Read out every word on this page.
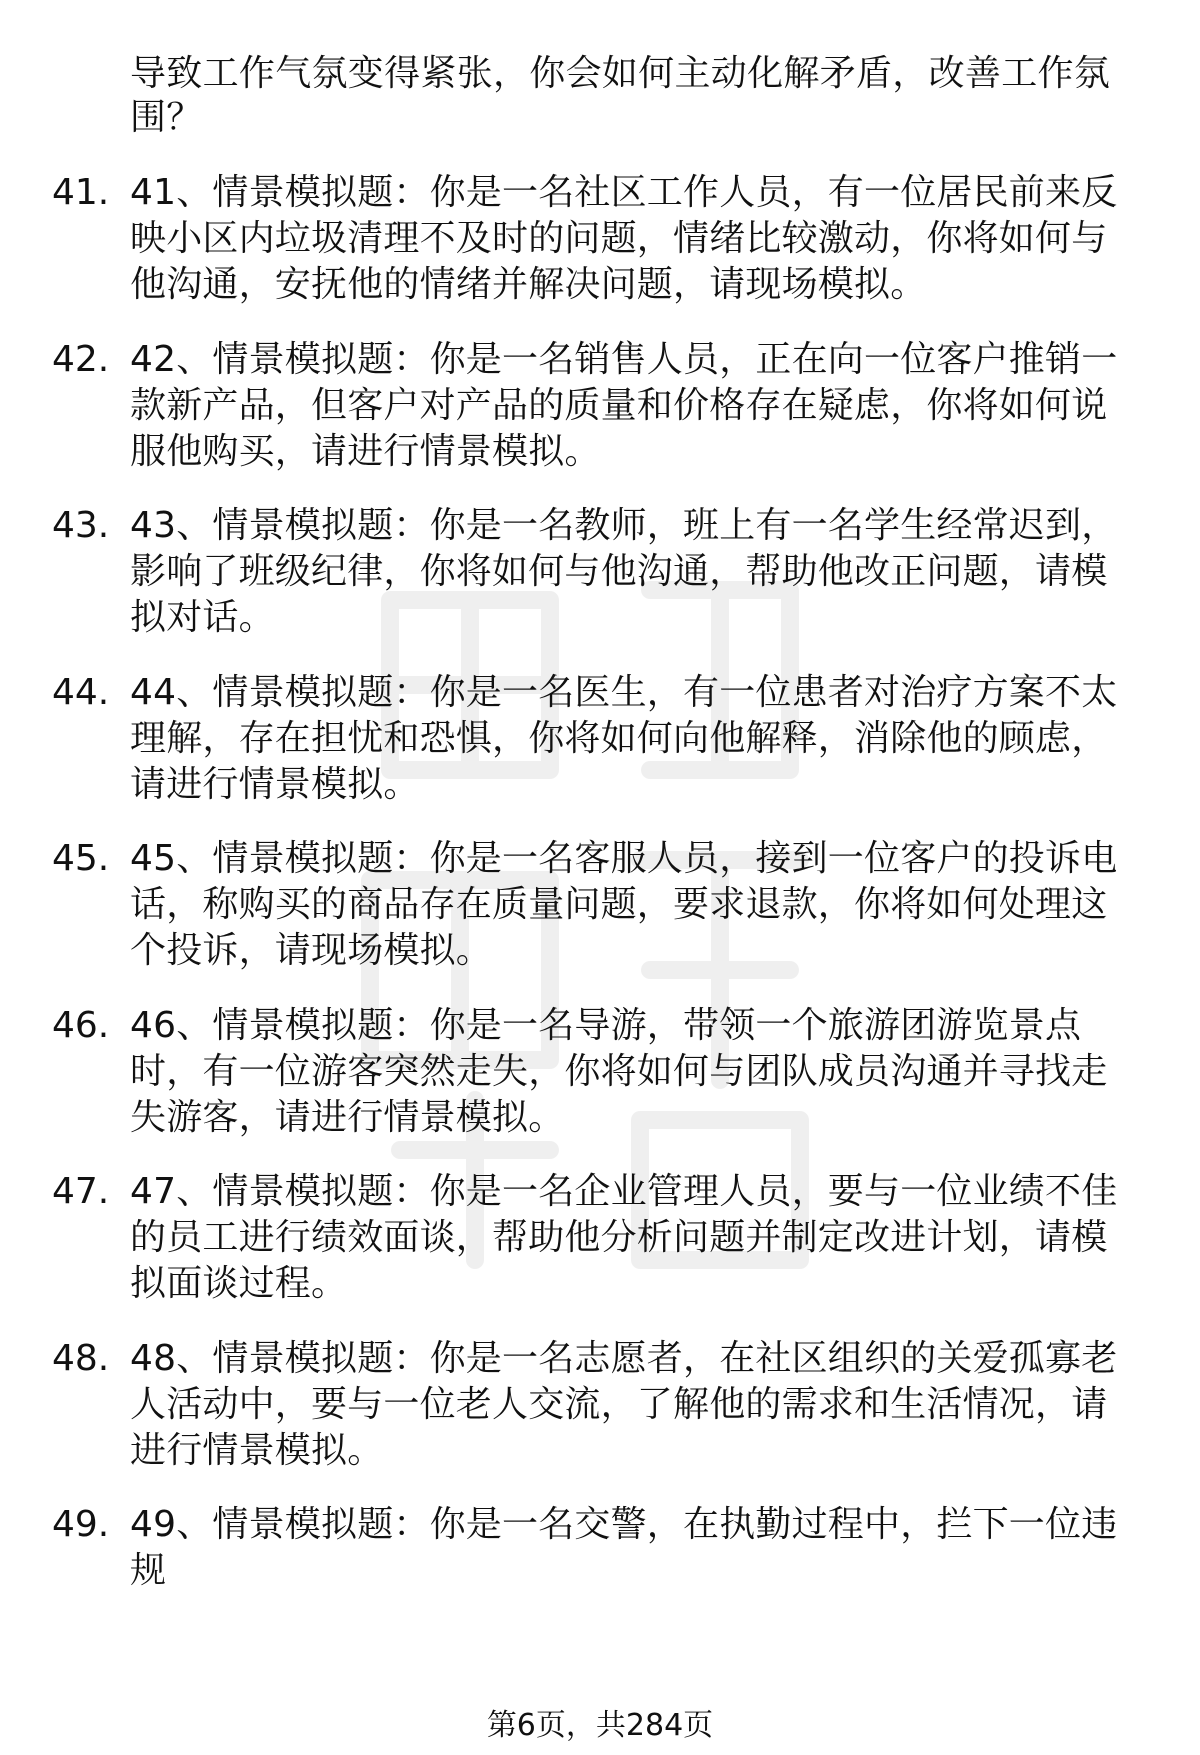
导致工作气氛变得紧张，你会如何主动化解矛盾，改善工作氛围？
41. 41、情景模拟题：你是一名社区工作人员，有一位居民前来反映小区内垃圾清理不及时的问题，情绪比较激动，你将如何与他沟通，安抚他的情绪并解决问题，请现场模拟。
42. 42、情景模拟题：你是一名销售人员，正在向一位客户推销一款新产品，但客户对产品的质量和价格存在疑虑，你将如何说服他购买，请进行情景模拟。
43. 43、情景模拟题：你是一名教师，班上有一名学生经常迟到，影响了班级纪律，你将如何与他沟通，帮助他改正问题，请模拟对话。
44. 44、情景模拟题：你是一名医生，有一位患者对治疗方案不太理解，存在担忧和恐惧，你将如何向他解释，消除他的顾虑，请进行情景模拟。
45. 45、情景模拟题：你是一名客服人员，接到一位客户的投诉电话，称购买的商品存在质量问题，要求退款，你将如何处理这个投诉，请现场模拟。
46. 46、情景模拟题：你是一名导游，带领一个旅游团游览景点时，有一位游客突然走失，你将如何与团队成员沟通并寻找走失游客，请进行情景模拟。
47. 47、情景模拟题：你是一名企业管理人员，要与一位业绩不佳的员工进行绩效面谈，帮助他分析问题并制定改进计划，请模拟面谈过程。
48. 48、情景模拟题：你是一名志愿者，在社区组织的关爱孤寡老人活动中，要与一位老人交流，了解他的需求和生活情况，请进行情景模拟。
49. 49、情景模拟题：你是一名交警，在执勤过程中，拦下一位违规
第6页，共284页
